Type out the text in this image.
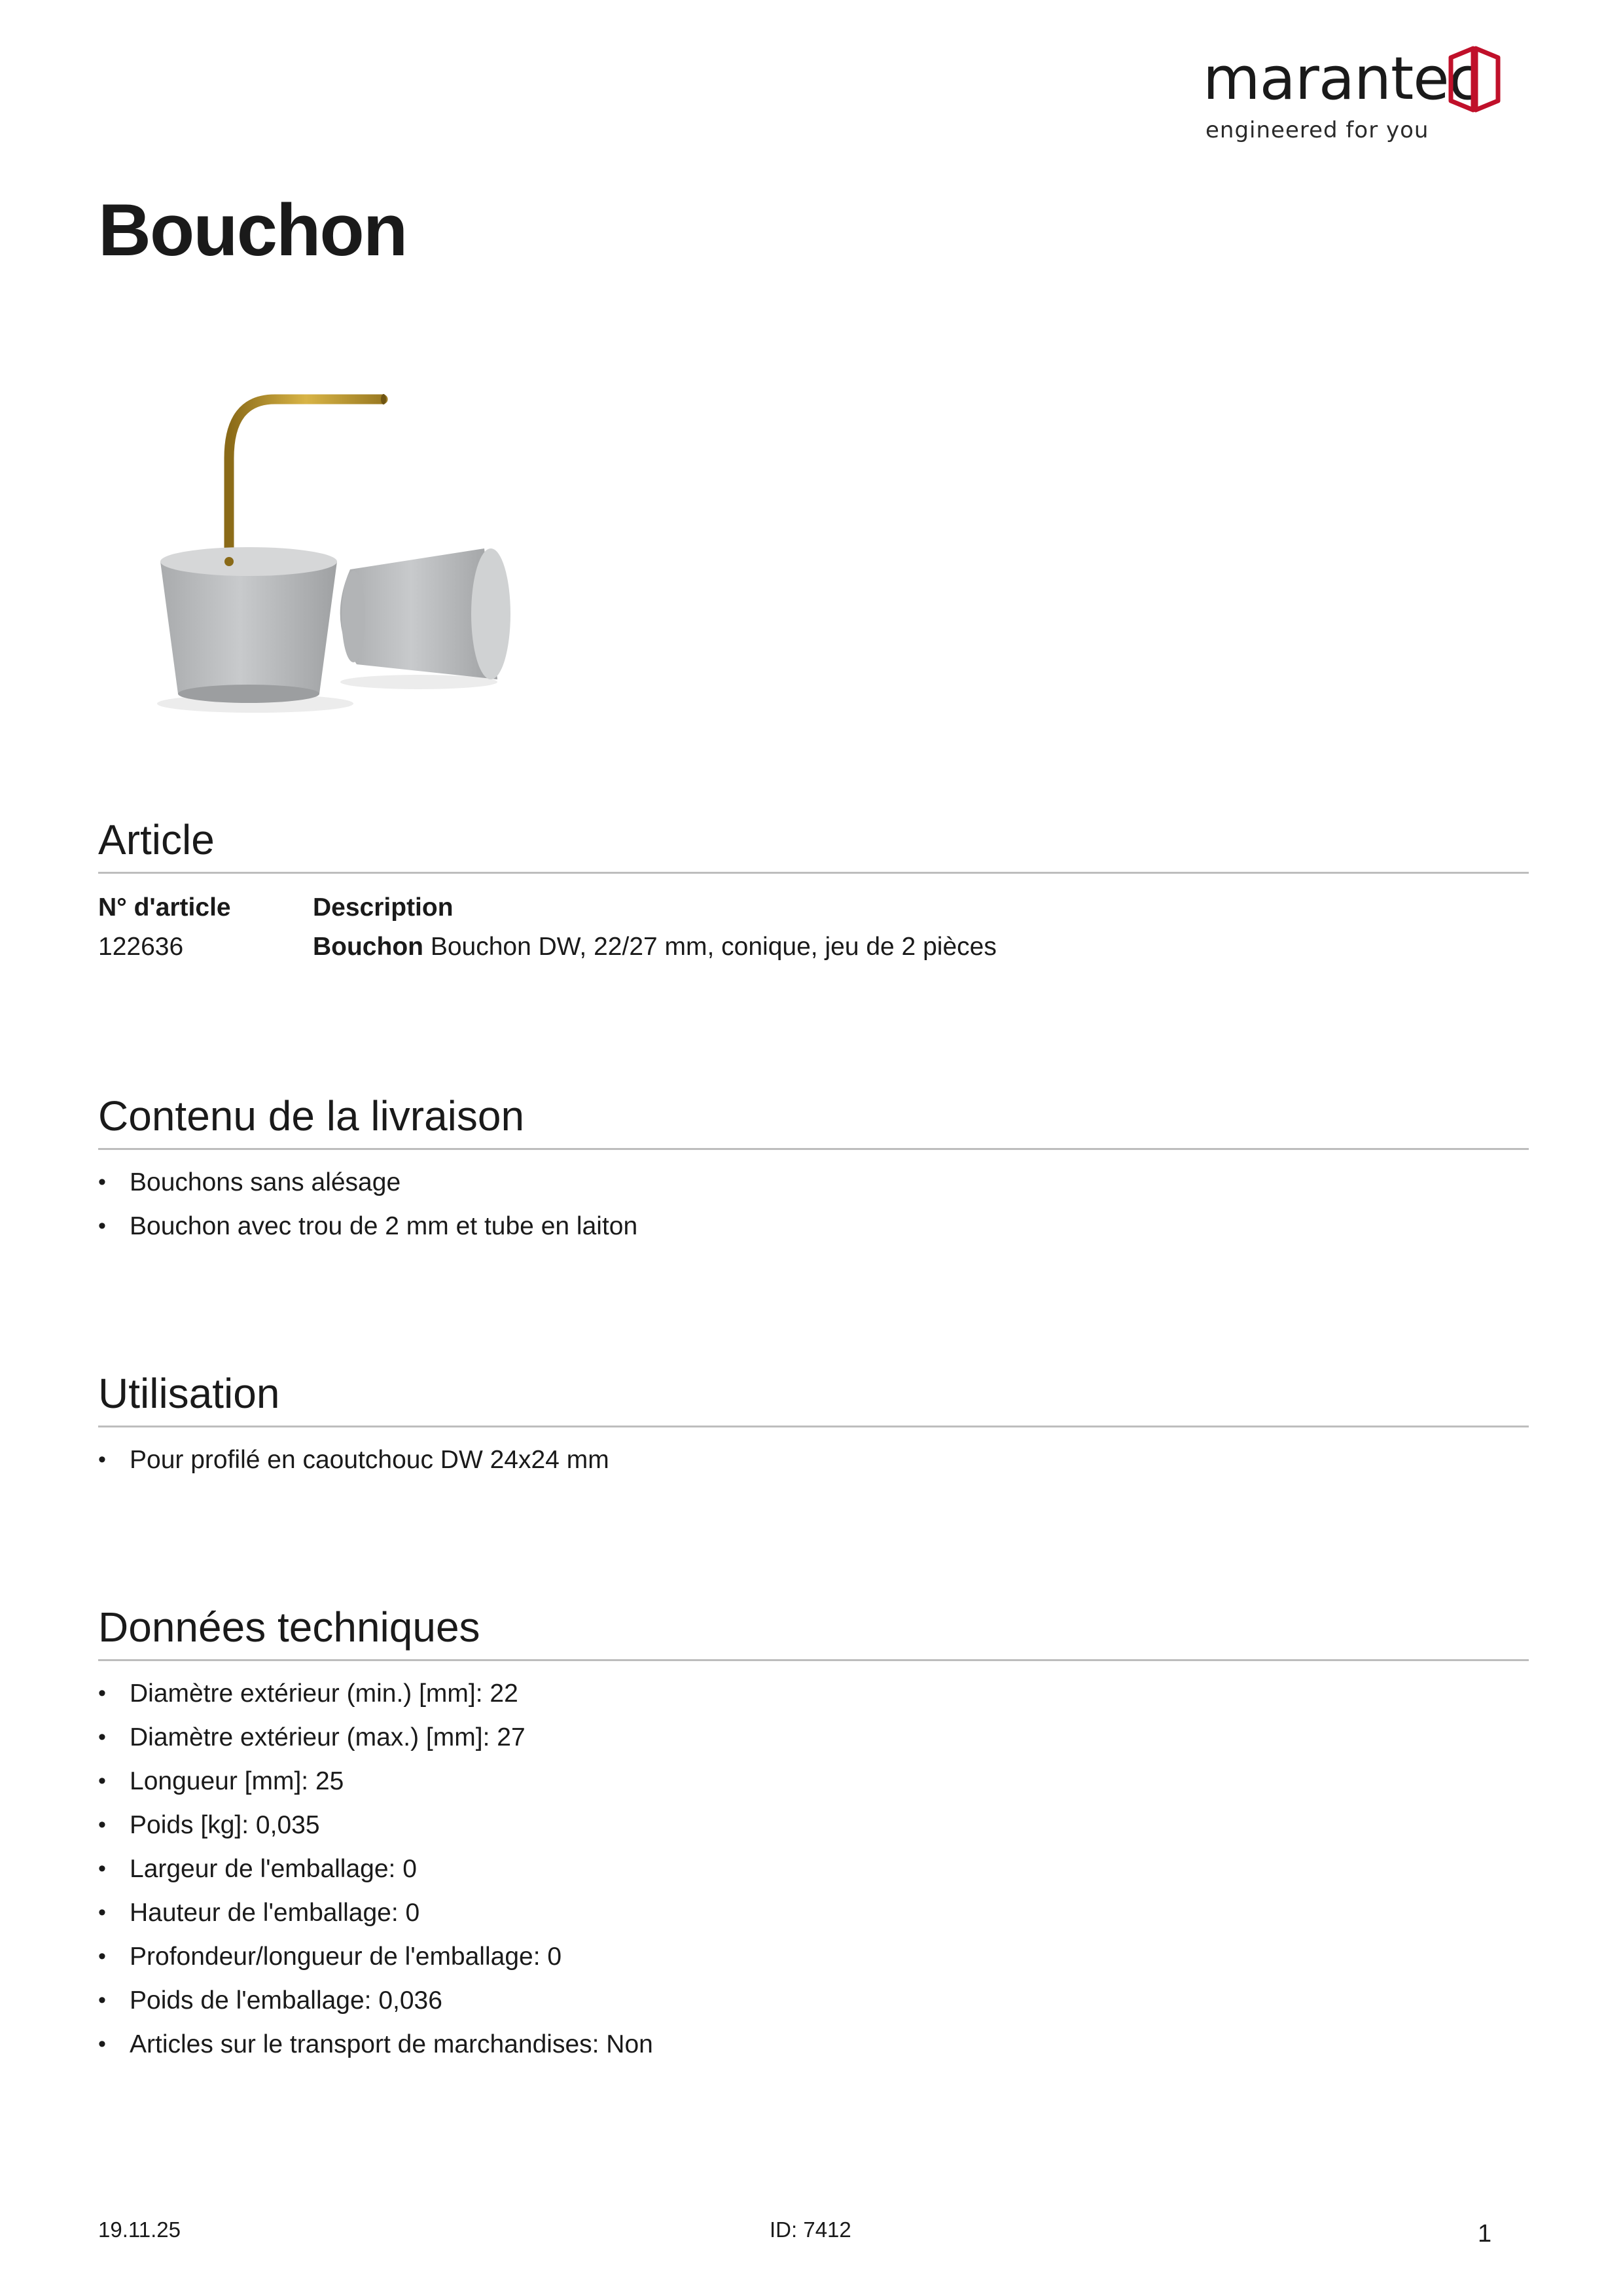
marantec
engineered for you
Bouchon
Article
N° d'article	Description
122636	Bouchon Bouchon DW, 22/27 mm, conique, jeu de 2 pièces
Contenu de la livraison
• Bouchons sans alésage
• Bouchon avec trou de 2 mm et tube en laiton
Utilisation
• Pour profilé en caoutchouc DW 24x24 mm
Données techniques
• Diamètre extérieur (min.) [mm]: 22
• Diamètre extérieur (max.) [mm]: 27
• Longueur [mm]: 25
• Poids [kg]: 0,035
• Largeur de l'emballage: 0
• Hauteur de l'emballage: 0
• Profondeur/longueur de l'emballage: 0
• Poids de l'emballage: 0,036
• Articles sur le transport de marchandises: Non
19.11.25	ID: 7412	1
